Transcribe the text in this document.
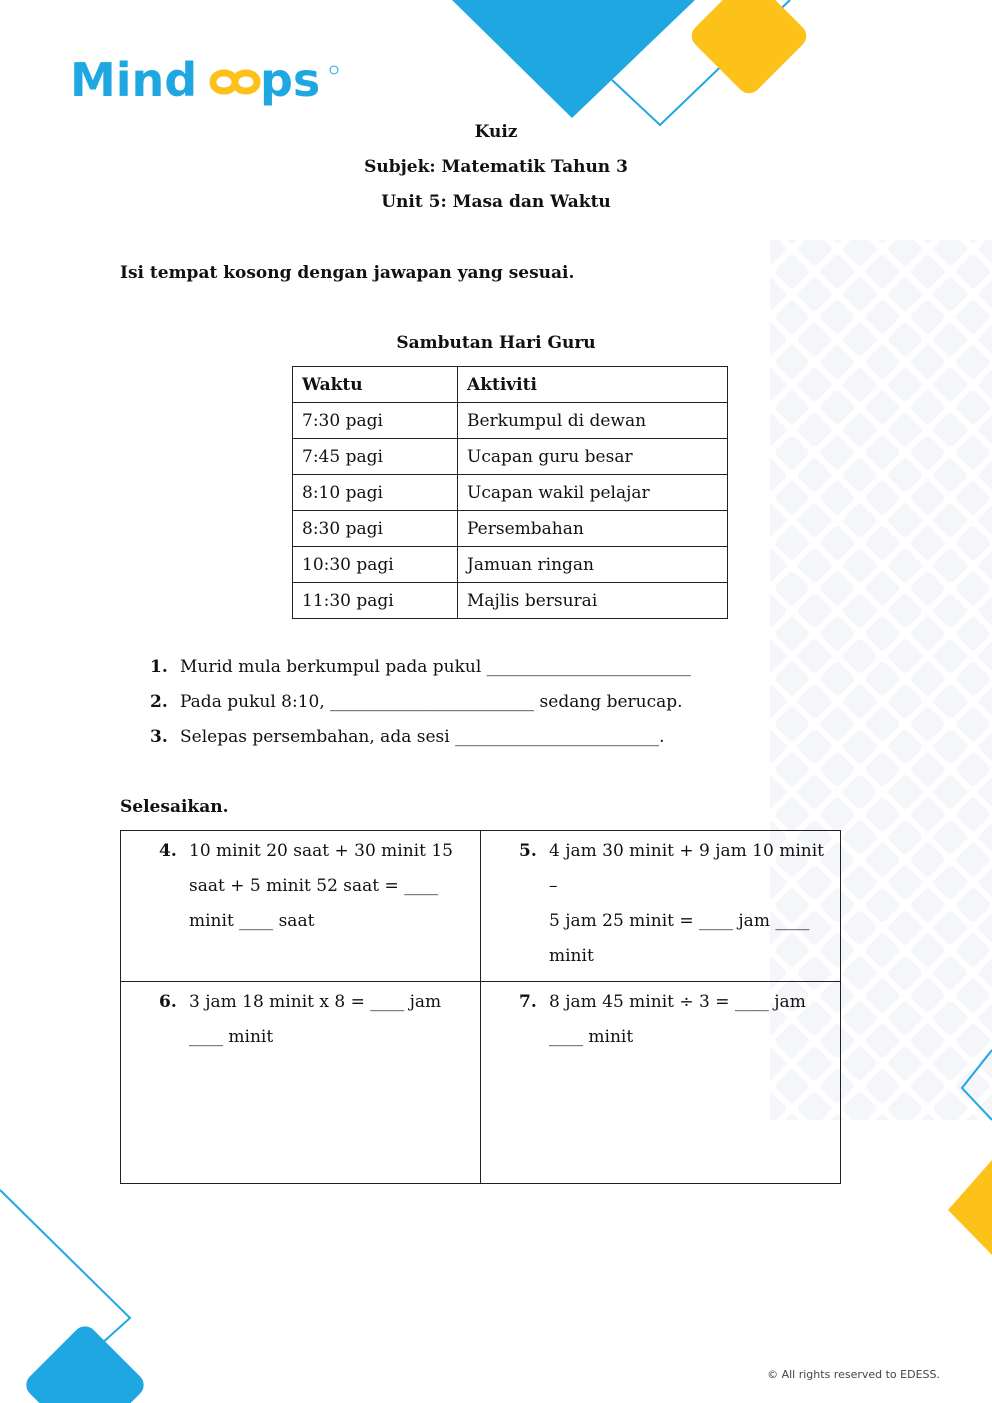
Mind ps
Kuiz
Subjek: Matematik Tahun 3
Unit 5: Masa dan Waktu
Isi tempat kosong dengan jawapan yang sesuai.
Sambutan Hari Guru
Waktu	Aktiviti
7:30 pagi	Berkumpul di dewan
7:45 pagi	Ucapan guru besar
8:10 pagi	Ucapan wakil pelajar
8:30 pagi	Persembahan
10:30 pagi	Jamuan ringan
11:30 pagi	Majlis bersurai
1. Murid mula berkumpul pada pukul ________________________
2. Pada pukul 8:10, ________________________ sedang berucap.
3. Selepas persembahan, ada sesi ________________________.
Selesaikan.
4. 10 minit 20 saat + 30 minit 15
saat + 5 minit 52 saat = ____
minit ____ saat	5. 4 jam 30 minit + 9 jam 10 minit –
5 jam 25 minit = ____ jam ____
minit

6. 3 jam 18 minit x 8 = ____ jam
____ minit	7. 8 jam 45 minit ÷ 3 = ____ jam
____ minit
© All rights reserved to EDESS.
